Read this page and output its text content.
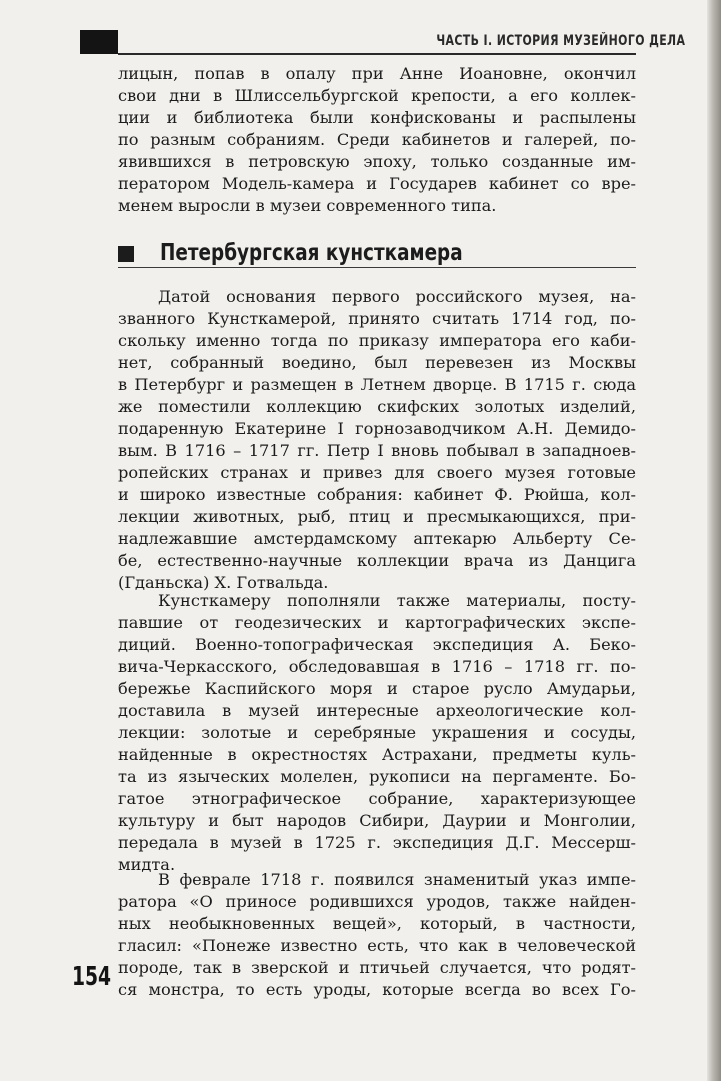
ЧАСТЬ I. ИСТОРИЯ МУЗЕЙНОГО ДЕЛА
лицын, попав в опалу при Анне Иоановне, окончил
свои дни в Шлиссельбургской крепости, а его коллек-
ции и библиотека были конфискованы и распылены
по разным собраниям. Среди кабинетов и галерей, по-
явившихся в петровскую эпоху, только созданные им-
ператором Модель-камера и Государев кабинет со вре-
менем выросли в музеи современного типа.
Петербургская кунсткамера
Датой основания первого российского музея, на-
званного Кунсткамерой, принято считать 1714 год, по-
скольку именно тогда по приказу императора его каби-
нет, собранный воедино, был перевезен из Москвы
в Петербург и размещен в Летнем дворце. В 1715 г. сюда
же поместили коллекцию скифских золотых изделий,
подаренную Екатерине I горнозаводчиком А.Н. Демидо-
вым. В 1716 – 1717 гг. Петр I вновь побывал в западноев-
ропейских странах и привез для своего музея готовые
и широко известные собрания: кабинет Ф. Рюйша, кол-
лекции животных, рыб, птиц и пресмыкающихся, при-
надлежавшие амстердамскому аптекарю Альберту Се-
бе, естественно-научные коллекции врача из Данцига
(Гданьска) Х. Готвальда.
Кунсткамеру пополняли также материалы, посту-
павшие от геодезических и картографических экспе-
диций. Военно-топографическая экспедиция А. Беко-
вича-Черкасского, обследовавшая в 1716 – 1718 гг. по-
бережье Каспийского моря и старое русло Амударьи,
доставила в музей интересные археологические кол-
лекции: золотые и серебряные украшения и сосуды,
найденные в окрестностях Астрахани, предметы куль-
та из языческих молелен, рукописи на пергаменте. Бо-
гатое этнографическое собрание, характеризующее
культуру и быт народов Сибири, Даурии и Монголии,
передала в музей в 1725 г. экспедиция Д.Г. Мессерш-
мидта.
В феврале 1718 г. появился знаменитый указ импе-
ратора «О приносе родившихся уродов, также найден-
ных необыкновенных вещей», который, в частности,
гласил: «Понеже известно есть, что как в человеческой
породе, так в зверской и птичьей случается, что родят-
ся монстра, то есть уроды, которые всегда во всех Го-
154
